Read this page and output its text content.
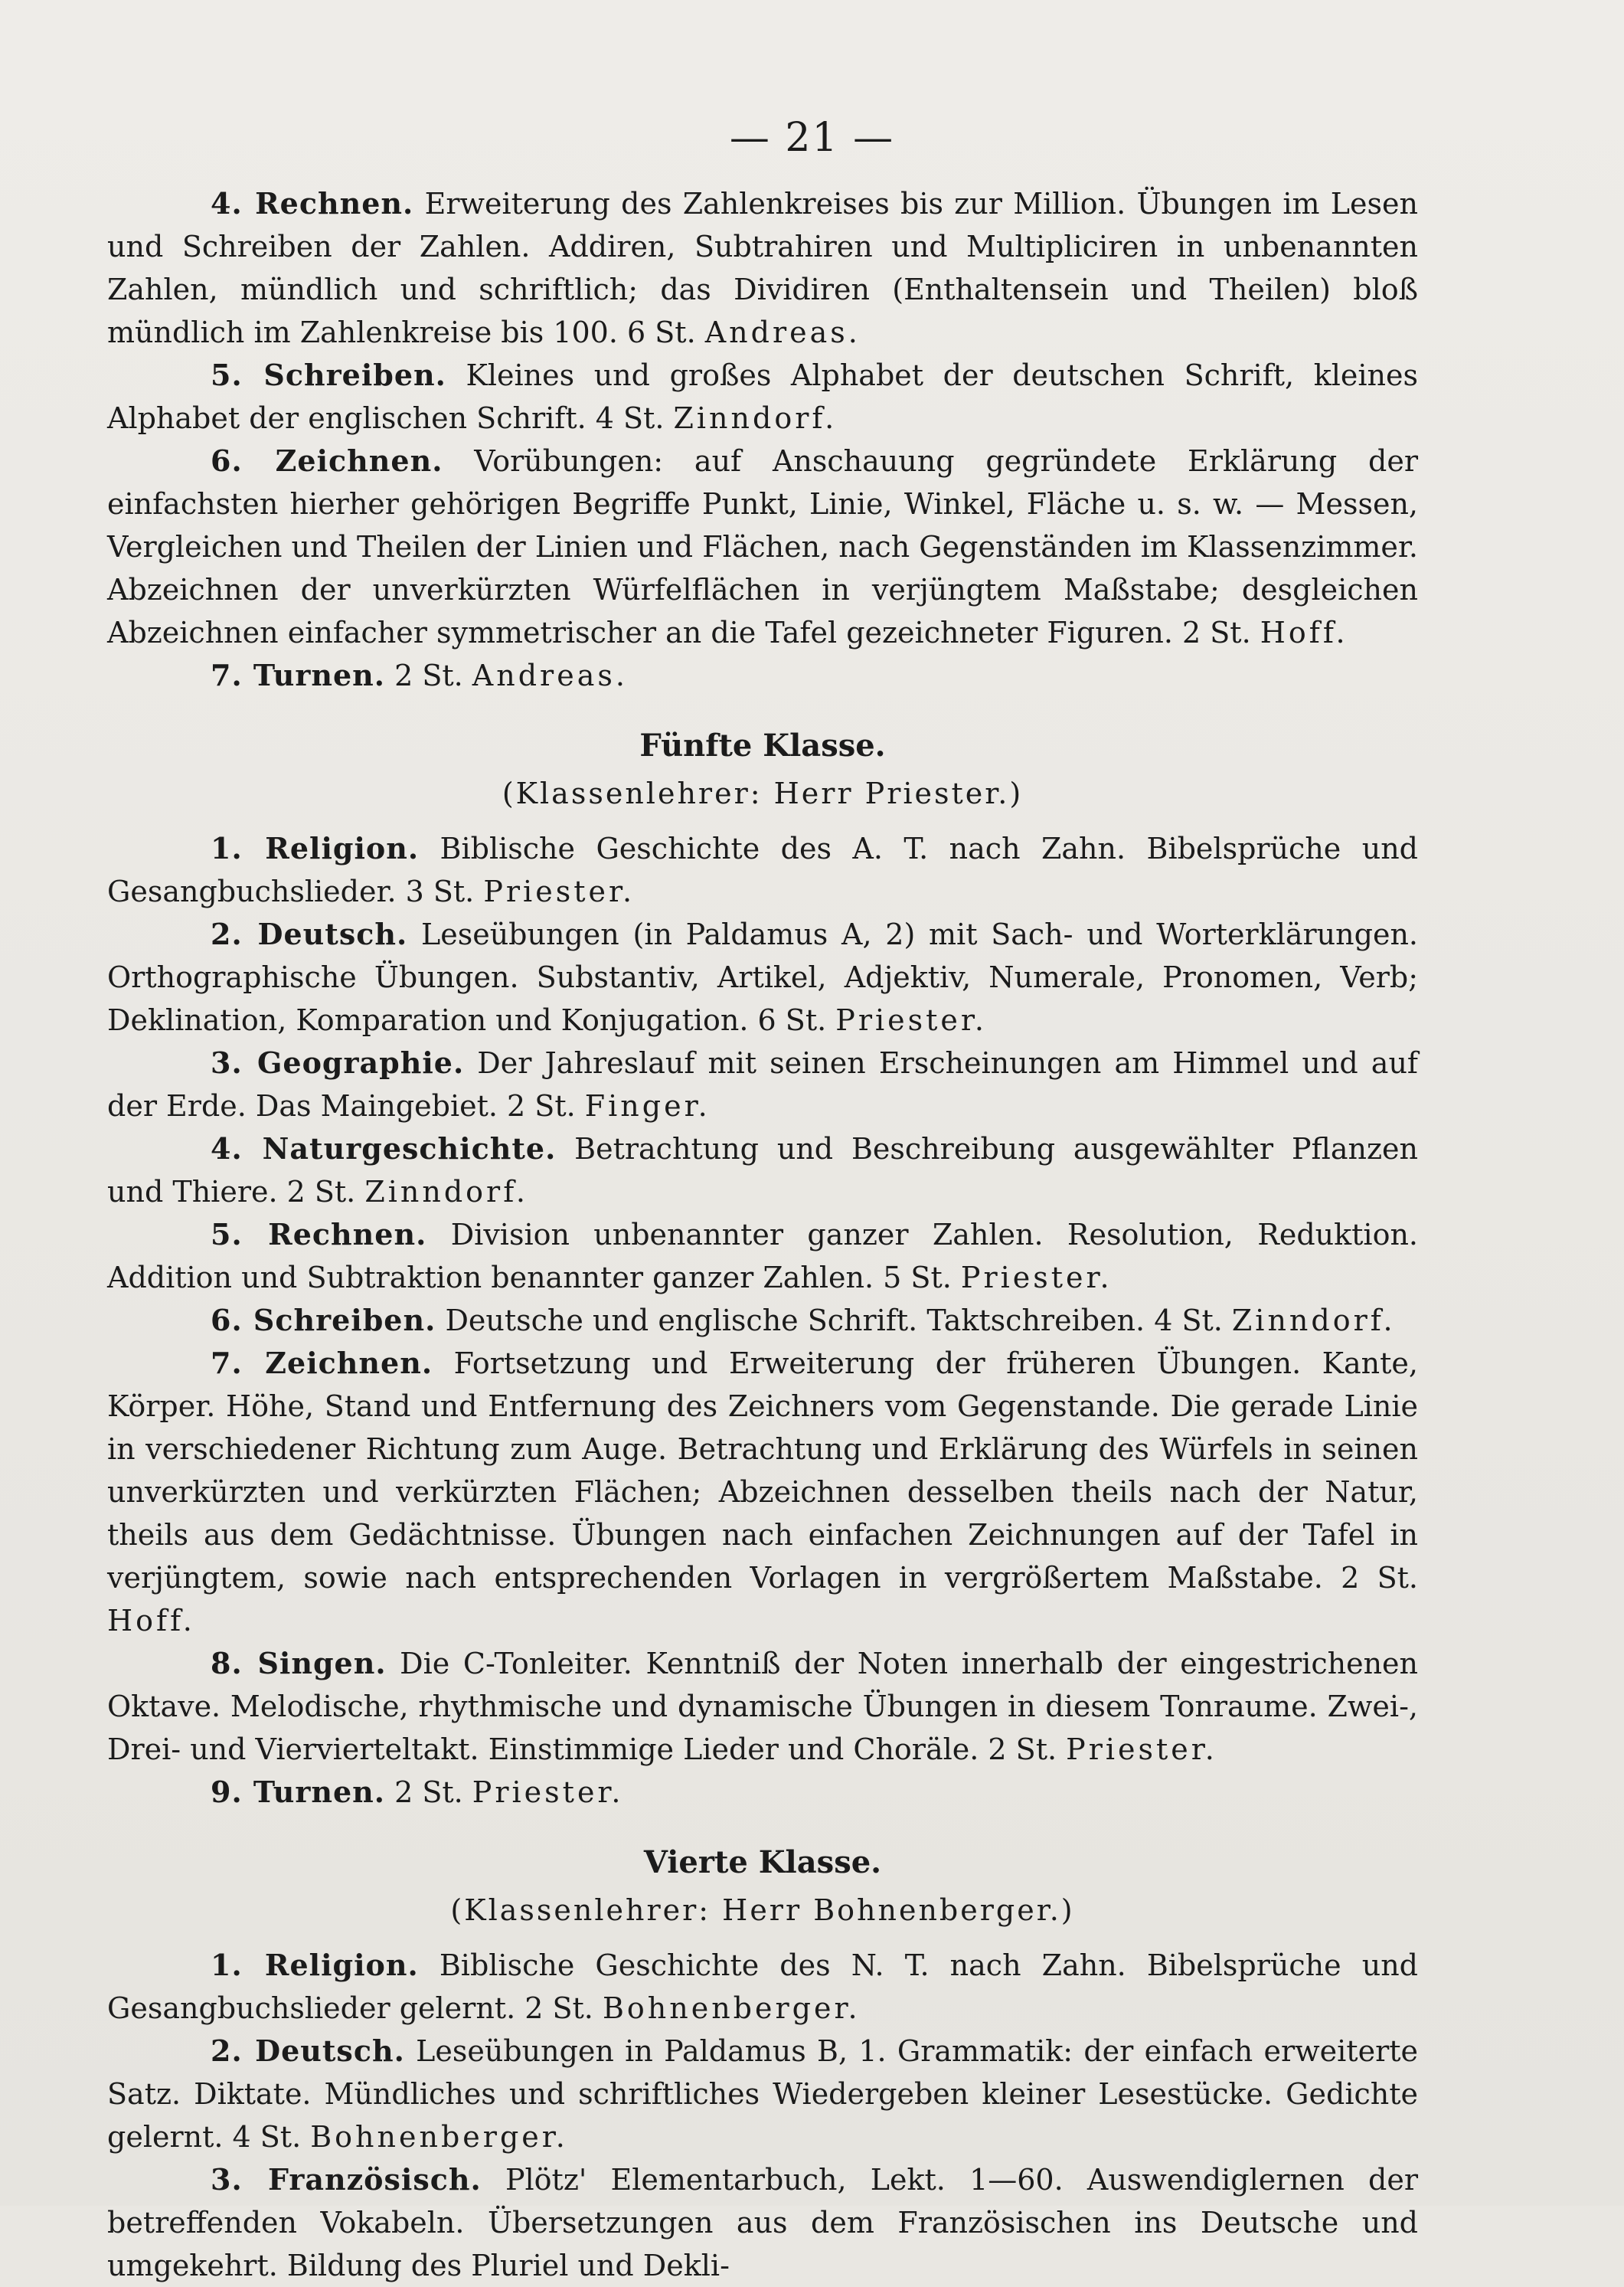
— 21 —

4. Rechnen. Erweiterung des Zahlenkreises bis zur Million. Übungen im Lesen und Schreiben der Zahlen. Addiren, Subtrahiren und Multipliciren in unbenannten Zahlen, mündlich und schriftlich; das Dividiren (Enthaltensein und Theilen) bloß mündlich im Zahlenkreise bis 100. 6 St. Andreas.

5. Schreiben. Kleines und großes Alphabet der deutschen Schrift, kleines Alphabet der englischen Schrift. 4 St. Zinndorf.

6. Zeichnen. Vorübungen: auf Anschauung gegründete Erklärung der einfachsten hierher gehörigen Begriffe Punkt, Linie, Winkel, Fläche u. s. w. — Messen, Vergleichen und Theilen der Linien und Flächen, nach Gegenständen im Klassenzimmer. Abzeichnen der unverkürzten Würfelflächen in verjüngtem Maßstabe; desgleichen Abzeichnen einfacher symmetrischer an die Tafel gezeichneter Figuren. 2 St. Hoff.

7. Turnen. 2 St. Andreas.

Fünfte Klasse.
(Klassenlehrer: Herr Priester.)

1. Religion. Biblische Geschichte des A. T. nach Zahn. Bibelsprüche und Gesangbuchslieder. 3 St. Priester.

2. Deutsch. Leseübungen (in Paldamus A, 2) mit Sach- und Worterklärungen. Orthographische Übungen. Substantiv, Artikel, Adjektiv, Numerale, Pronomen, Verb; Deklination, Komparation und Konjugation. 6 St. Priester.

3. Geographie. Der Jahreslauf mit seinen Erscheinungen am Himmel und auf der Erde. Das Maingebiet. 2 St. Finger.

4. Naturgeschichte. Betrachtung und Beschreibung ausgewählter Pflanzen und Thiere. 2 St. Zinndorf.

5. Rechnen. Division unbenannter ganzer Zahlen. Resolution, Reduktion. Addition und Subtraktion benannter ganzer Zahlen. 5 St. Priester.

6. Schreiben. Deutsche und englische Schrift. Taktschreiben. 4 St. Zinndorf.

7. Zeichnen. Fortsetzung und Erweiterung der früheren Übungen. Kante, Körper. Höhe, Stand und Entfernung des Zeichners vom Gegenstande. Die gerade Linie in verschiedener Richtung zum Auge. Betrachtung und Erklärung des Würfels in seinen unverkürzten und verkürzten Flächen; Abzeichnen desselben theils nach der Natur, theils aus dem Gedächtnisse. Übungen nach einfachen Zeichnungen auf der Tafel in verjüngtem, sowie nach entsprechenden Vorlagen in vergrößertem Maßstabe. 2 St. Hoff.

8. Singen. Die C-Tonleiter. Kenntniß der Noten innerhalb der eingestrichenen Oktave. Melodische, rhythmische und dynamische Übungen in diesem Tonraume. Zwei-, Drei- und Viervierteltakt. Einstimmige Lieder und Choräle. 2 St. Priester.

9. Turnen. 2 St. Priester.

Vierte Klasse.
(Klassenlehrer: Herr Bohnenberger.)

1. Religion. Biblische Geschichte des N. T. nach Zahn. Bibelsprüche und Gesangbuchslieder gelernt. 2 St. Bohnenberger.

2. Deutsch. Leseübungen in Paldamus B, 1. Grammatik: der einfach erweiterte Satz. Diktate. Mündliches und schriftliches Wiedergeben kleiner Lesestücke. Gedichte gelernt. 4 St. Bohnenberger.

3. Französisch. Plötz' Elementarbuch, Lekt. 1—60. Auswendiglernen der betreffenden Vokabeln. Übersetzungen aus dem Französischen ins Deutsche und umgekehrt. Bildung des Pluriel und Dekli-
